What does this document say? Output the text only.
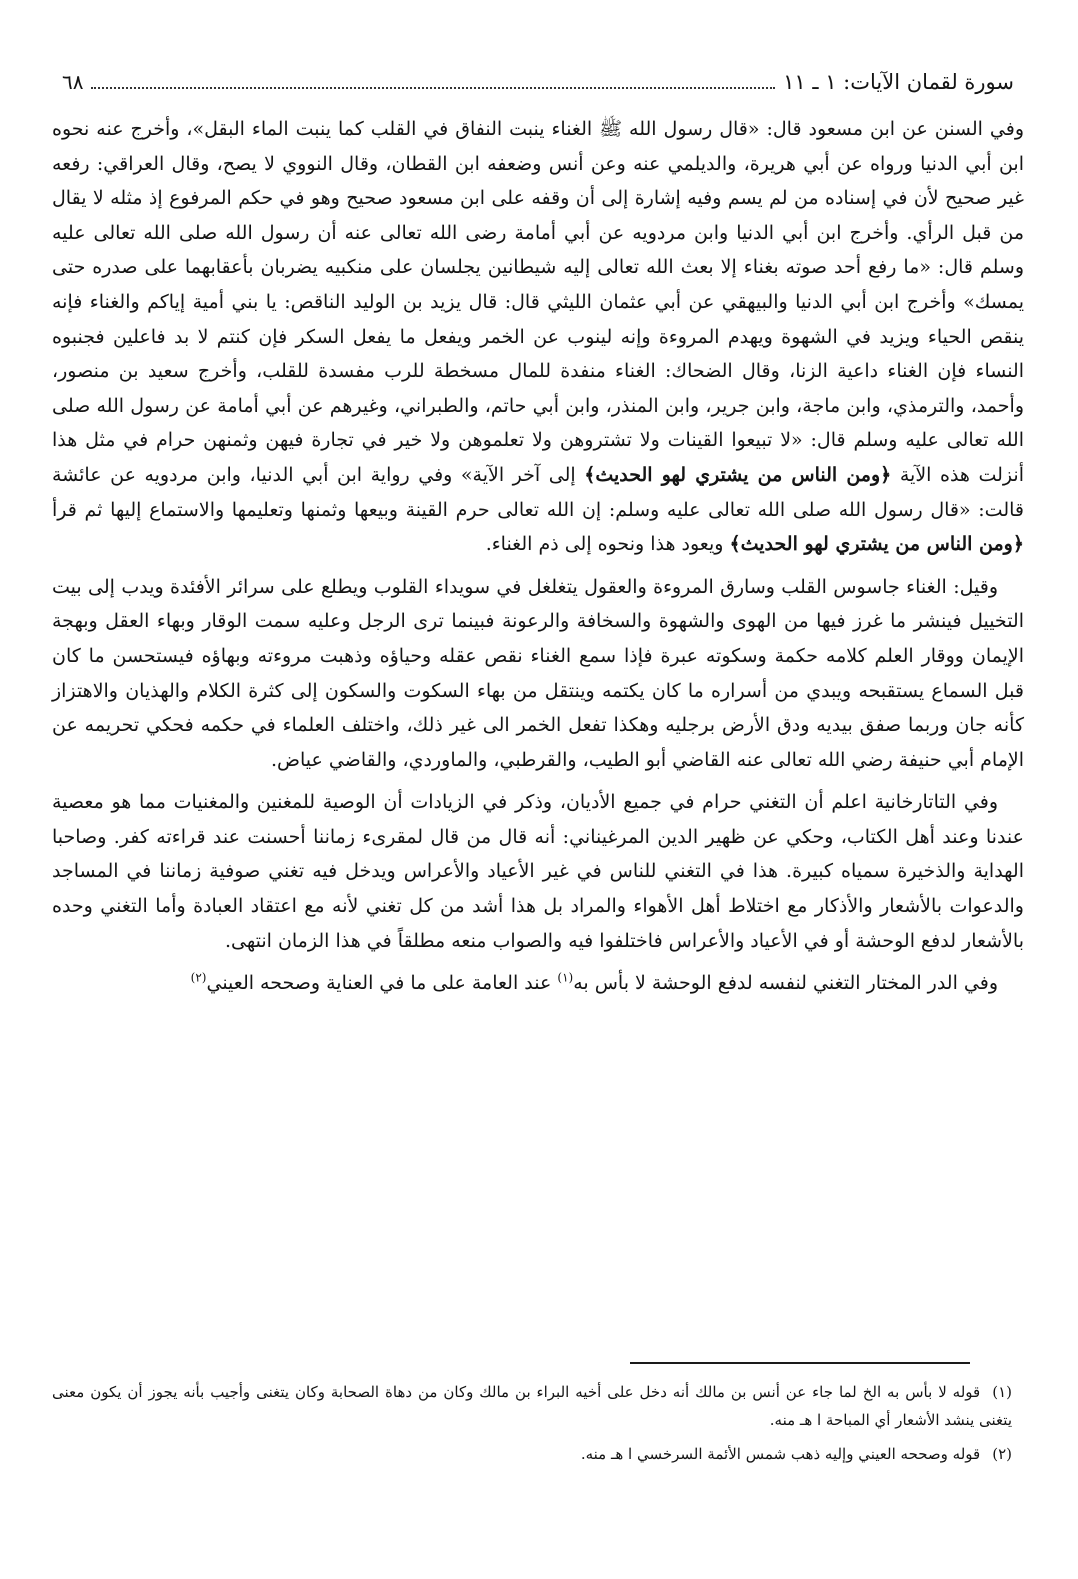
سورة لقمان الآيات: ١ ـ ١١
٦٨

وفي السنن عن ابن مسعود قال: «قال رسول الله ﷺ الغناء ينبت النفاق في القلب كما ينبت الماء البقل»، وأخرج عنه نحوه ابن أبي الدنيا ورواه عن أبي هريرة، والديلمي عنه وعن أنس وضعفه ابن القطان، وقال النووي لا يصح، وقال العراقي: رفعه غير صحيح لأن في إسناده من لم يسم وفيه إشارة إلى أن وقفه على ابن مسعود صحيح وهو في حكم المرفوع إذ مثله لا يقال من قبل الرأي. وأخرج ابن أبي الدنيا وابن مردويه عن أبي أمامة رضى الله تعالى عنه أن رسول الله صلى الله تعالى عليه وسلم قال: «ما رفع أحد صوته بغناء إلا بعث الله تعالى إليه شيطانين يجلسان على منكبيه يضربان بأعقابهما على صدره حتى يمسك» وأخرج ابن أبي الدنيا والبيهقي عن أبي عثمان الليثي قال: قال يزيد بن الوليد الناقص: يا بني أمية إياكم والغناء فإنه ينقص الحياء ويزيد في الشهوة ويهدم المروءة وإنه لينوب عن الخمر ويفعل ما يفعل السكر فإن كنتم لا بد فاعلين فجنبوه النساء فإن الغناء داعية الزنا، وقال الضحاك: الغناء منفدة للمال مسخطة للرب مفسدة للقلب، وأخرج سعيد بن منصور، وأحمد، والترمذي، وابن ماجة، وابن جرير، وابن المنذر، وابن أبي حاتم، والطبراني، وغيرهم عن أبي أمامة عن رسول الله صلى الله تعالى عليه وسلم قال: «لا تبيعوا القينات ولا تشتروهن ولا تعلموهن ولا خير في تجارة فيهن وثمنهن حرام في مثل هذا أنزلت هذه الآية ﴿ومن الناس من يشتري لهو الحديث﴾ إلى آخر الآية» وفي رواية ابن أبي الدنيا، وابن مردويه عن عائشة قالت: «قال رسول الله صلى الله تعالى عليه وسلم: إن الله تعالى حرم القينة وبيعها وثمنها وتعليمها والاستماع إليها ثم قرأ ﴿ومن الناس من يشتري لهو الحديث﴾ ويعود هذا ونحوه إلى ذم الغناء.

وقيل: الغناء جاسوس القلب وسارق المروءة والعقول يتغلغل في سويداء القلوب ويطلع على سرائر الأفئدة ويدب إلى بيت التخييل فينشر ما غرز فيها من الهوى والشهوة والسخافة والرعونة فبينما ترى الرجل وعليه سمت الوقار وبهاء العقل وبهجة الإيمان ووقار العلم كلامه حكمة وسكوته عبرة فإذا سمع الغناء نقص عقله وحياؤه وذهبت مروءته وبهاؤه فيستحسن ما كان قبل السماع يستقبحه ويبدي من أسراره ما كان يكتمه وينتقل من بهاء السكوت والسكون إلى كثرة الكلام والهذيان والاهتزاز كأنه جان وربما صفق بيديه ودق الأرض برجليه وهكذا تفعل الخمر الى غير ذلك، واختلف العلماء في حكمه فحكي تحريمه عن الإمام أبي حنيفة رضي الله تعالى عنه القاضي أبو الطيب، والقرطبي، والماوردي، والقاضي عياض.

وفي التاتارخانية اعلم أن التغني حرام في جميع الأديان، وذكر في الزيادات أن الوصية للمغنين والمغنيات مما هو معصية عندنا وعند أهل الكتاب، وحكي عن ظهير الدين المرغيناني: أنه قال من قال لمقرىء زماننا أحسنت عند قراءته كفر. وصاحبا الهداية والذخيرة سمياه كبيرة. هذا في التغني للناس في غير الأعياد والأعراس ويدخل فيه تغني صوفية زماننا في المساجد والدعوات بالأشعار والأذكار مع اختلاط أهل الأهواء والمراد بل هذا أشد من كل تغني لأنه مع اعتقاد العبادة وأما التغني وحده بالأشعار لدفع الوحشة أو في الأعياد والأعراس فاختلفوا فيه والصواب منعه مطلقاً في هذا الزمان انتهى.

وفي الدر المختار التغني لنفسه لدفع الوحشة لا بأس به$^{(١)}$ عند العامة على ما في العناية وصححه العيني$^{(٢)}$

(١)قوله لا بأس به الخ لما جاء عن أنس بن مالك أنه دخل على أخيه البراء بن مالك وكان من دهاة الصحابة وكان يتغنى وأجيب بأنه يجوز أن يكون معنى يتغنى ينشد الأشعار أي المباحة ا هـ منه.

(٢)قوله وصححه العيني وإليه ذهب شمس الأئمة السرخسي ا هـ منه.
